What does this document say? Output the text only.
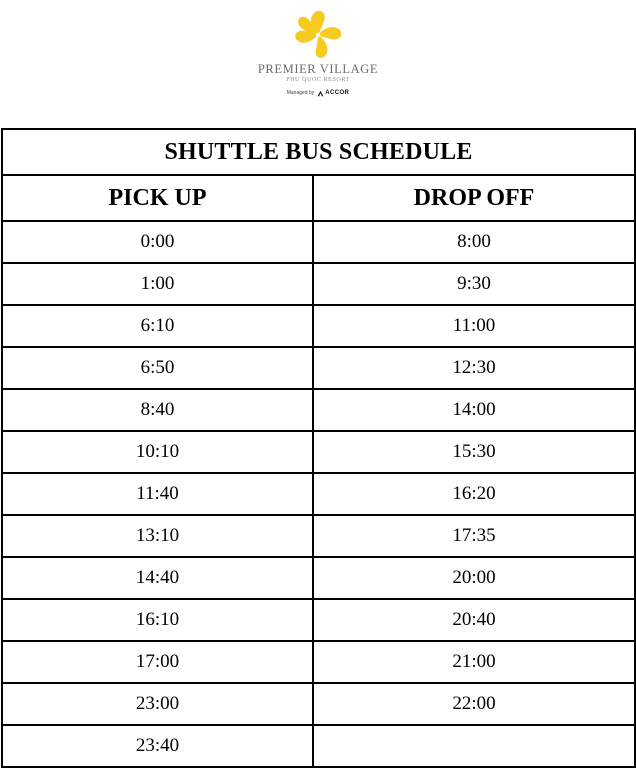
PREMIER VILLAGE
PHU QUOC RESORT
Managed by ACCOR
SHUTTLE BUS SCHEDULE	
PICK UP	DROP OFF
0:00	8:00
1:00	9:30
6:10	11:00
6:50	12:30
8:40	14:00
10:10	15:30
11:40	16:20
13:10	17:35
14:40	20:00
16:10	20:40
17:00	21:00
23:00	22:00
23:40	
